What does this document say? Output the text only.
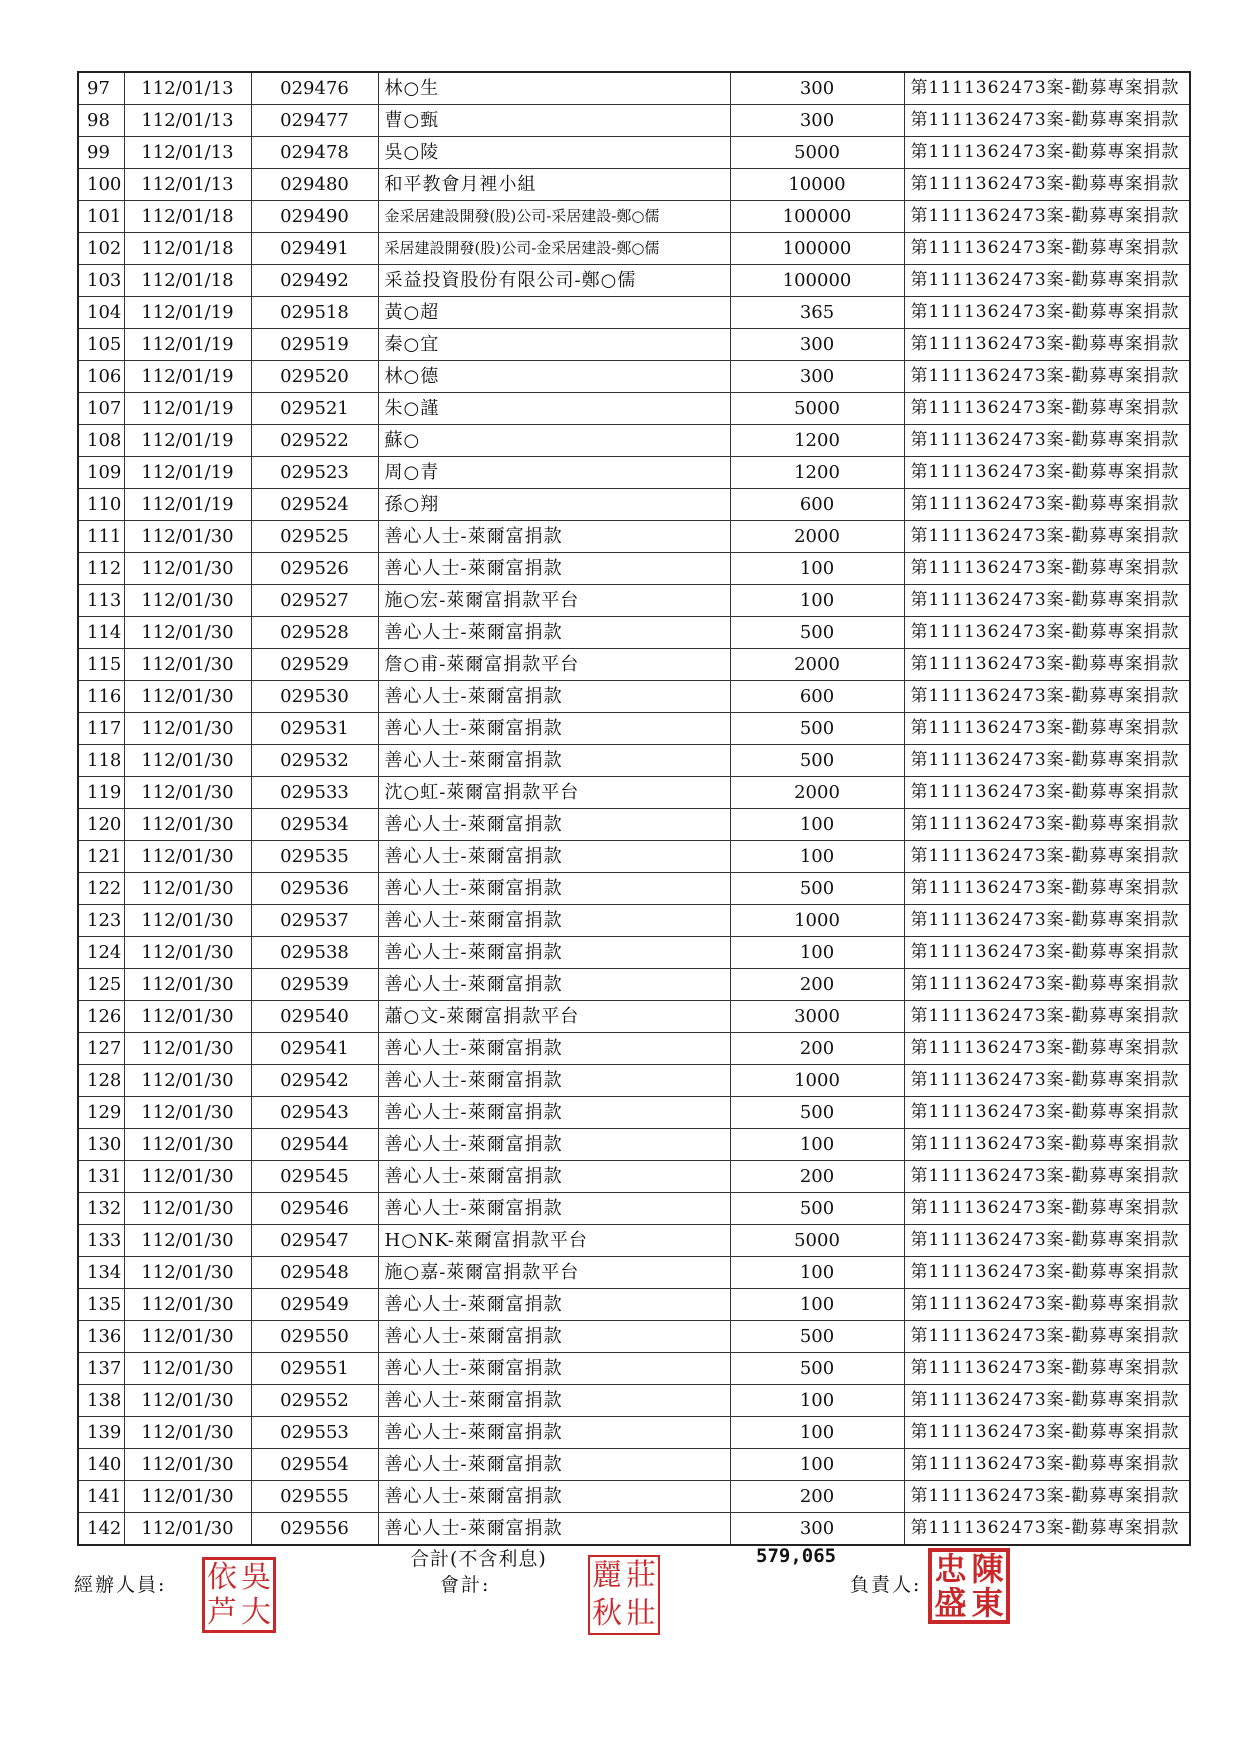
97	112/01/13	029476	林○生	300	第1111362473案-勸募專案捐款
98	112/01/13	029477	曹○甄	300	第1111362473案-勸募專案捐款
99	112/01/13	029478	吳○陵	5000	第1111362473案-勸募專案捐款
100	112/01/13	029480	和平教會月裡小組	10000	第1111362473案-勸募專案捐款
101	112/01/18	029490	金采居建設開發(股)公司-采居建設-鄭○儒	100000	第1111362473案-勸募專案捐款
102	112/01/18	029491	采居建設開發(股)公司-金采居建設-鄭○儒	100000	第1111362473案-勸募專案捐款
103	112/01/18	029492	采益投資股份有限公司-鄭○儒	100000	第1111362473案-勸募專案捐款
104	112/01/19	029518	黃○超	365	第1111362473案-勸募專案捐款
105	112/01/19	029519	秦○宜	300	第1111362473案-勸募專案捐款
106	112/01/19	029520	林○德	300	第1111362473案-勸募專案捐款
107	112/01/19	029521	朱○謹	5000	第1111362473案-勸募專案捐款
108	112/01/19	029522	蘇○	1200	第1111362473案-勸募專案捐款
109	112/01/19	029523	周○青	1200	第1111362473案-勸募專案捐款
110	112/01/19	029524	孫○翔	600	第1111362473案-勸募專案捐款
111	112/01/30	029525	善心人士-萊爾富捐款	2000	第1111362473案-勸募專案捐款
112	112/01/30	029526	善心人士-萊爾富捐款	100	第1111362473案-勸募專案捐款
113	112/01/30	029527	施○宏-萊爾富捐款平台	100	第1111362473案-勸募專案捐款
114	112/01/30	029528	善心人士-萊爾富捐款	500	第1111362473案-勸募專案捐款
115	112/01/30	029529	詹○甫-萊爾富捐款平台	2000	第1111362473案-勸募專案捐款
116	112/01/30	029530	善心人士-萊爾富捐款	600	第1111362473案-勸募專案捐款
117	112/01/30	029531	善心人士-萊爾富捐款	500	第1111362473案-勸募專案捐款
118	112/01/30	029532	善心人士-萊爾富捐款	500	第1111362473案-勸募專案捐款
119	112/01/30	029533	沈○虹-萊爾富捐款平台	2000	第1111362473案-勸募專案捐款
120	112/01/30	029534	善心人士-萊爾富捐款	100	第1111362473案-勸募專案捐款
121	112/01/30	029535	善心人士-萊爾富捐款	100	第1111362473案-勸募專案捐款
122	112/01/30	029536	善心人士-萊爾富捐款	500	第1111362473案-勸募專案捐款
123	112/01/30	029537	善心人士-萊爾富捐款	1000	第1111362473案-勸募專案捐款
124	112/01/30	029538	善心人士-萊爾富捐款	100	第1111362473案-勸募專案捐款
125	112/01/30	029539	善心人士-萊爾富捐款	200	第1111362473案-勸募專案捐款
126	112/01/30	029540	蕭○文-萊爾富捐款平台	3000	第1111362473案-勸募專案捐款
127	112/01/30	029541	善心人士-萊爾富捐款	200	第1111362473案-勸募專案捐款
128	112/01/30	029542	善心人士-萊爾富捐款	1000	第1111362473案-勸募專案捐款
129	112/01/30	029543	善心人士-萊爾富捐款	500	第1111362473案-勸募專案捐款
130	112/01/30	029544	善心人士-萊爾富捐款	100	第1111362473案-勸募專案捐款
131	112/01/30	029545	善心人士-萊爾富捐款	200	第1111362473案-勸募專案捐款
132	112/01/30	029546	善心人士-萊爾富捐款	500	第1111362473案-勸募專案捐款
133	112/01/30	029547	H○NK-萊爾富捐款平台	5000	第1111362473案-勸募專案捐款
134	112/01/30	029548	施○嘉-萊爾富捐款平台	100	第1111362473案-勸募專案捐款
135	112/01/30	029549	善心人士-萊爾富捐款	100	第1111362473案-勸募專案捐款
136	112/01/30	029550	善心人士-萊爾富捐款	500	第1111362473案-勸募專案捐款
137	112/01/30	029551	善心人士-萊爾富捐款	500	第1111362473案-勸募專案捐款
138	112/01/30	029552	善心人士-萊爾富捐款	100	第1111362473案-勸募專案捐款
139	112/01/30	029553	善心人士-萊爾富捐款	100	第1111362473案-勸募專案捐款
140	112/01/30	029554	善心人士-萊爾富捐款	100	第1111362473案-勸募專案捐款
141	112/01/30	029555	善心人士-萊爾富捐款	200	第1111362473案-勸募專案捐款
142	112/01/30	029556	善心人士-萊爾富捐款	300	第1111362473案-勸募專案捐款
合計(不含利息)	579,065
經辦人員:	會計:	負責人:
依
芦
吳
大
麗
秋
莊
壯
忠
盛
陳
東
